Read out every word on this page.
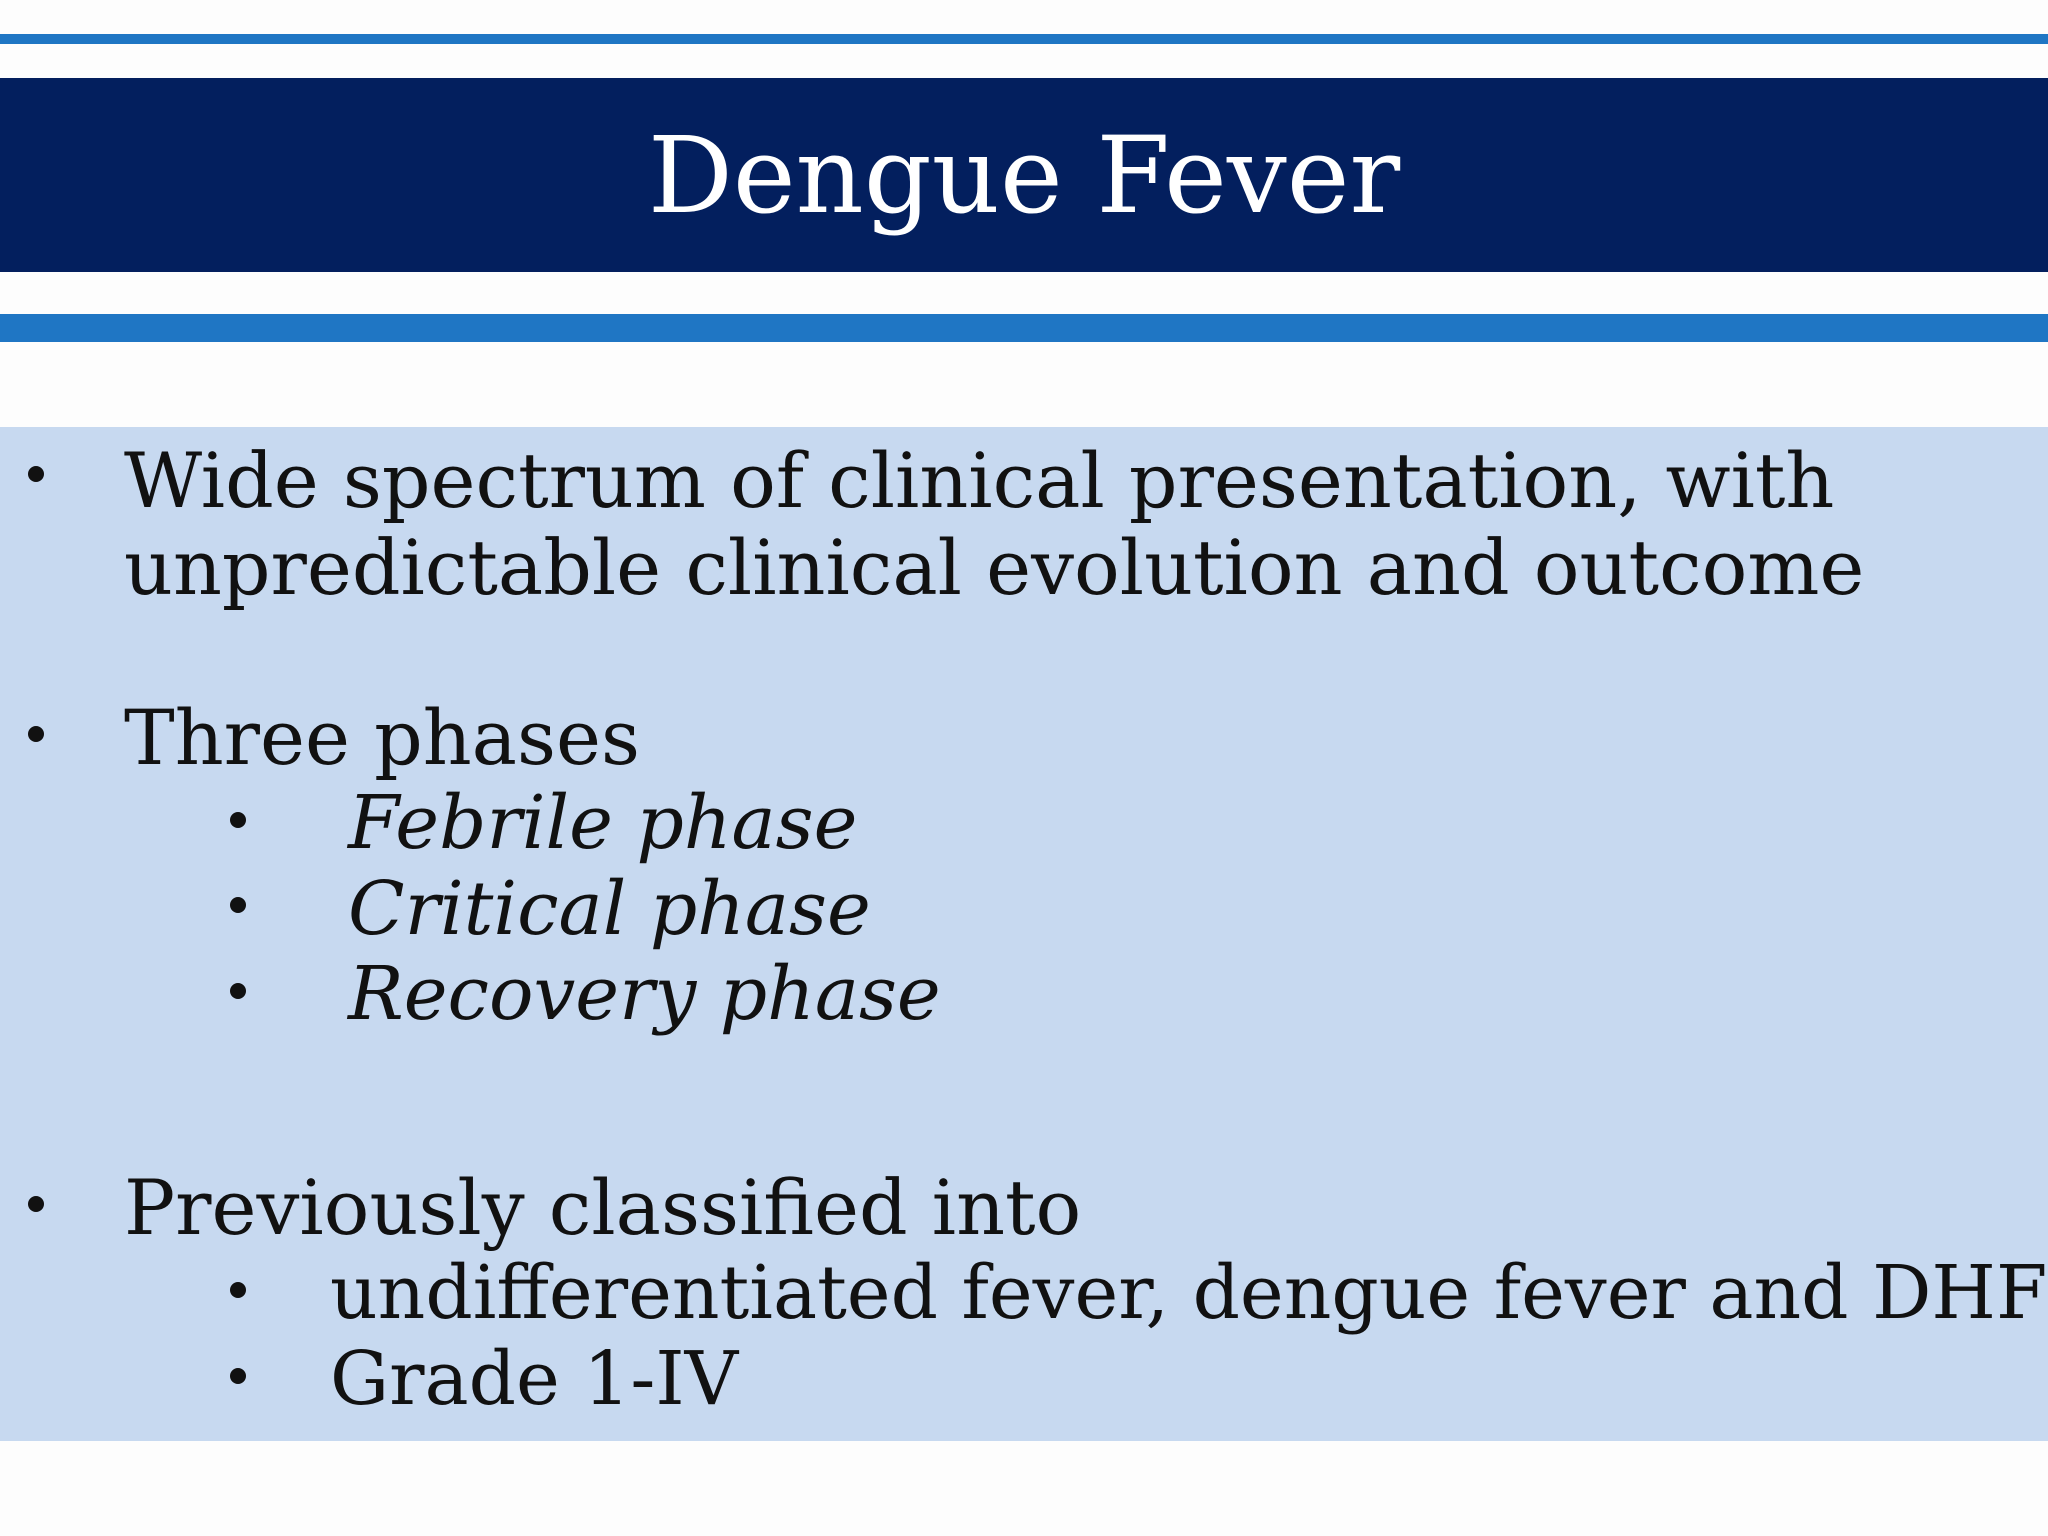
Dengue Fever
Wide spectrum of clinical presentation, with
unpredictable clinical evolution and outcome
Three phases
Febrile phase
Critical phase
Recovery phase
Previously classified into
undifferentiated fever, dengue fever and DHF
Grade 1-IV
